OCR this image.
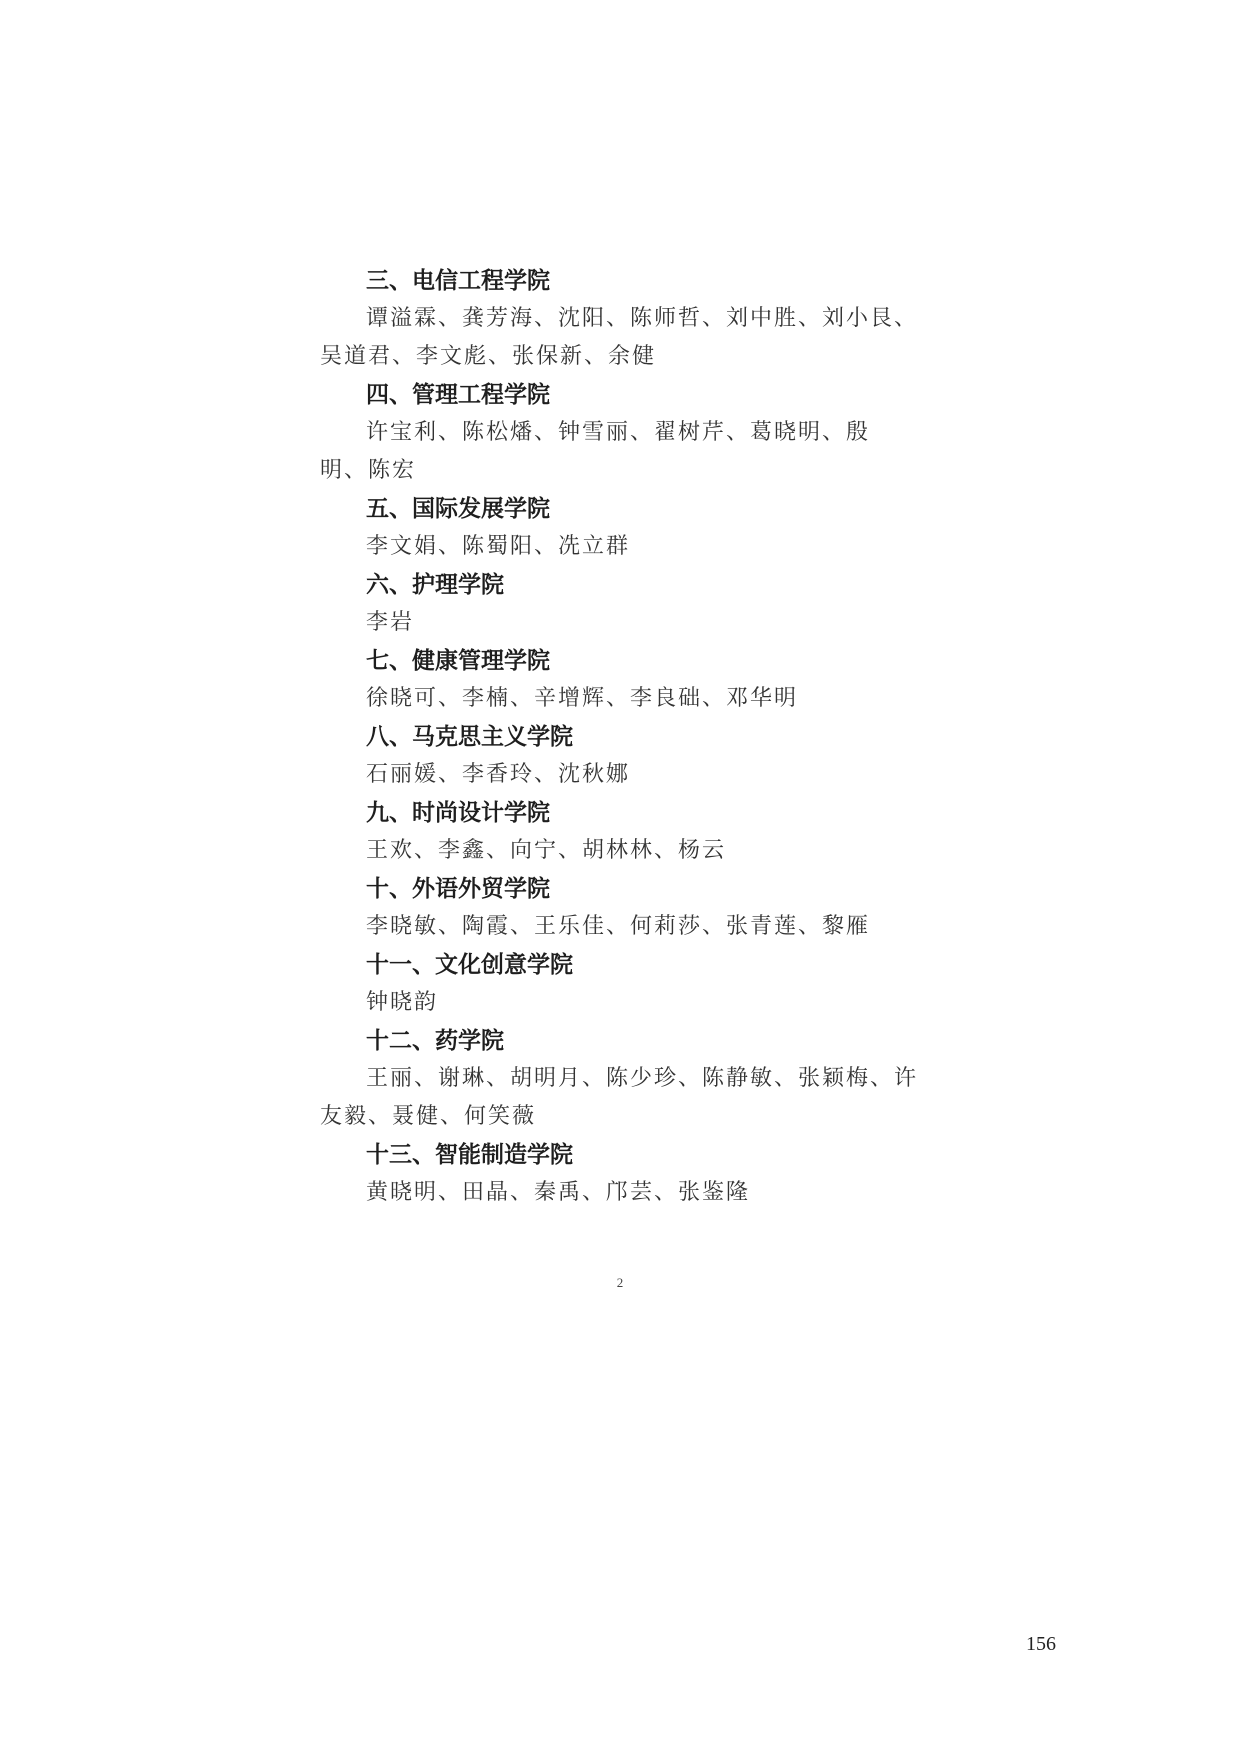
三、电信工程学院

谭溢霖、龚芳海、沈阳、陈师哲、刘中胜、刘小艮、吴道君、李文彪、张保新、余健

四、管理工程学院

许宝利、陈松燔、钟雪丽、翟树芹、葛晓明、殷 明、陈宏

五、国际发展学院

李文娟、陈蜀阳、冼立群

六、护理学院

李岩

七、健康管理学院

徐晓可、李楠、辛增辉、李良础、邓华明

八、马克思主义学院

石丽媛、李香玲、沈秋娜

九、时尚设计学院

王欢、李鑫、向宁、胡林林、杨云

十、外语外贸学院

李晓敏、陶霞、王乐佳、何莉莎、张青莲、黎雁

十一、文化创意学院

钟晓韵

十二、药学院

王丽、谢琳、胡明月、陈少珍、陈静敏、张颖梅、许友毅、聂健、何笑薇

十三、智能制造学院

黄晓明、田晶、秦禹、邝芸、张鉴隆

2
156
